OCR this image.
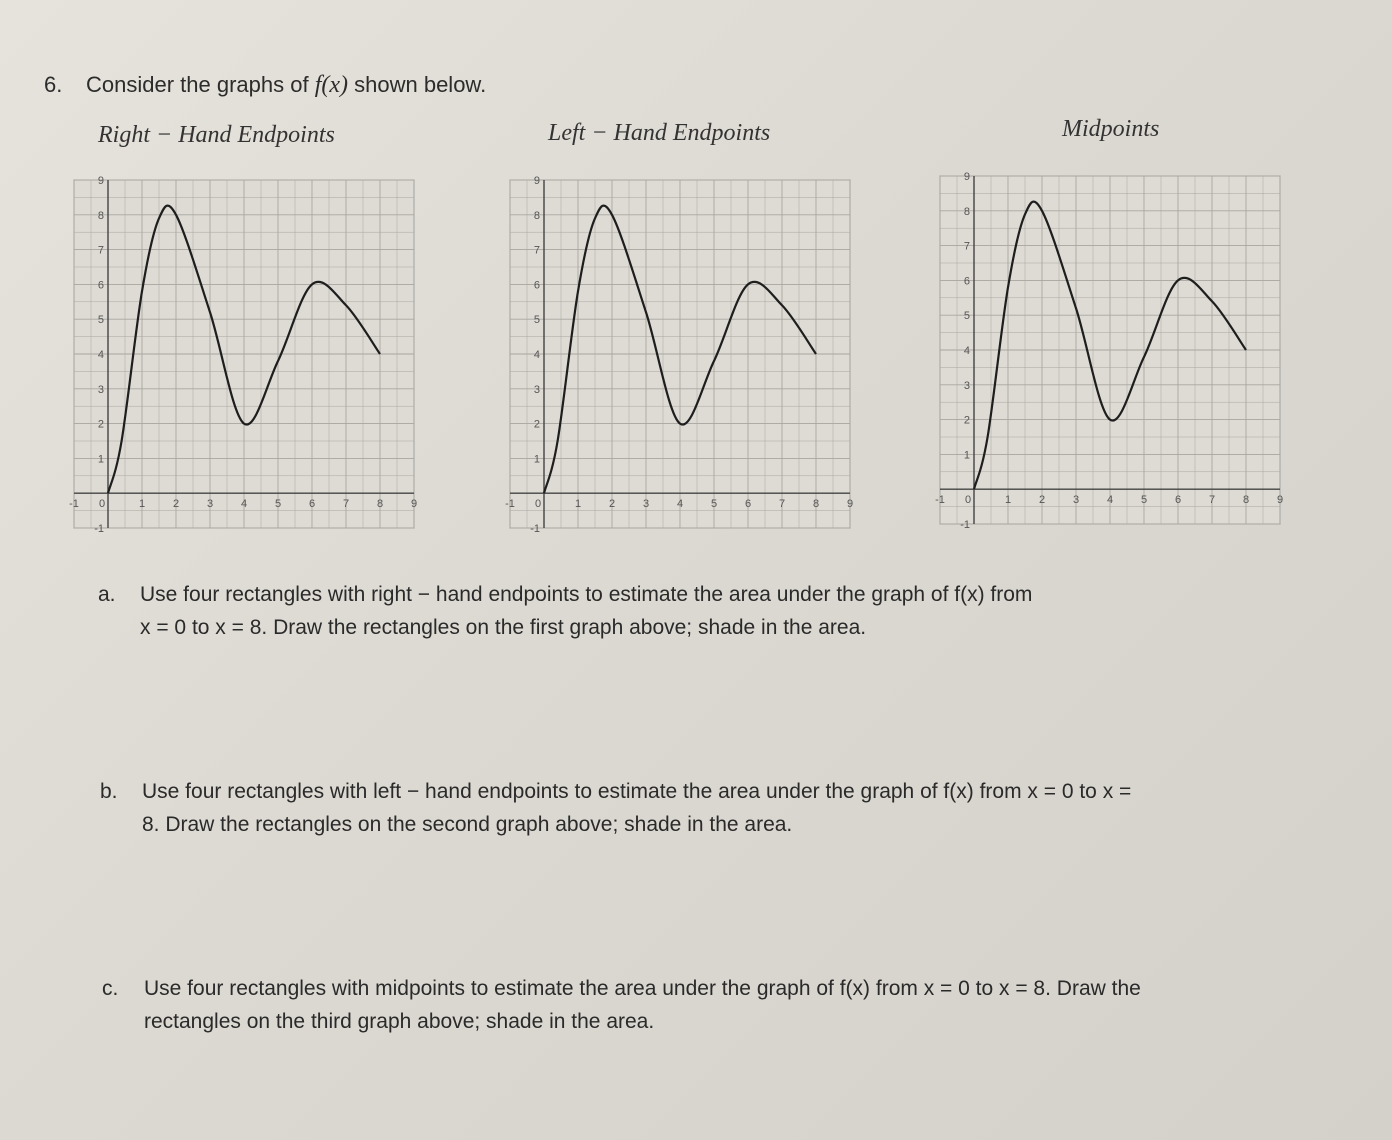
6. Consider the graphs of f(x) shown below.
Right − Hand Endpoints	Left − Hand Endpoints	Midpoints
-1 0	1	2	3	4	5	6	7	8	9
-1
1
2
3
4
5
6
7
8
9
-1 0	1	2	3	4	5	6	7	8	9
-1
1
2
3
4
5
6
7
8
9
-1 0	1	2	3	4	5	6	7	8	9
-1
1
2
3
4
5
6
7
8
9
a. Use four rectangles with right − hand endpoints to estimate the area under the graph of f(x) from
x = 0 to x = 8. Draw the rectangles on the first graph above; shade in the area.
b. Use four rectangles with left − hand endpoints to estimate the area under the graph of f(x) from x = 0 to x =
8. Draw the rectangles on the second graph above; shade in the area.
c. Use four rectangles with midpoints to estimate the area under the graph of f(x) from x = 0 to x = 8. Draw the
rectangles on the third graph above; shade in the area.
